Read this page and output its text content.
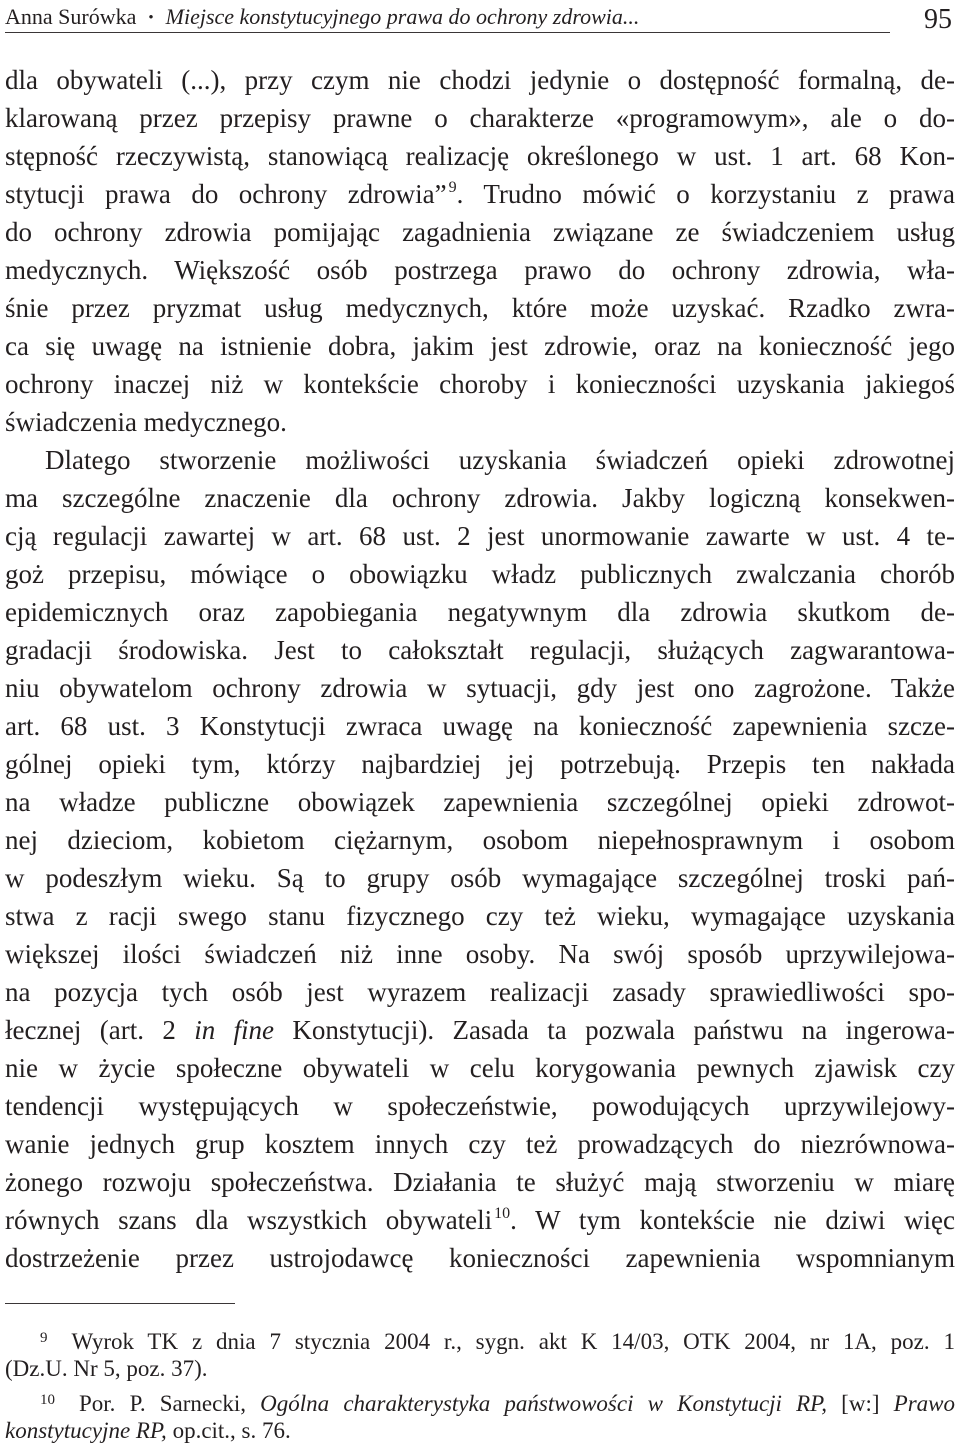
Anna Surówka • Miejsce konstytucyjnego prawa do ochrony zdrowia...	95
dla obywateli (...), przy czym nie chodzi jedynie o dostępność formalną, de-
klarowaną przez przepisy prawne o charakterze «programowym», ale o do-
stępność rzeczywistą, stanowiącą realizację określonego w ust. 1 art. 68 Kon-
stytucji prawa do ochrony zdrowia” $^9$. Trudno mówić o korzystaniu z prawa
do ochrony zdrowia pomijając zagadnienia związane ze świadczeniem usług
medycznych. Większość osób postrzega prawo do ochrony zdrowia, wła-
śnie przez pryzmat usług medycznych, które może uzyskać. Rzadko zwra-
ca się uwagę na istnienie dobra, jakim jest zdrowie, oraz na konieczność jego
ochrony inaczej niż w kontekście choroby i konieczności uzyskania jakiegoś
świadczenia medycznego.
Dlatego stworzenie możliwości uzyskania świadczeń opieki zdrowotnej
ma szczególne znaczenie dla ochrony zdrowia. Jakby logiczną konsekwen-
cją regulacji zawartej w art. 68 ust. 2 jest unormowanie zawarte w ust. 4 te-
goż przepisu, mówiące o obowiązku władz publicznych zwalczania chorób
epidemicznych oraz zapobiegania negatywnym dla zdrowia skutkom de-
gradacji środowiska. Jest to całokształt regulacji, służących zagwarantowa-
niu obywatelom ochrony zdrowia w sytuacji, gdy jest ono zagrożone. Także
art. 68 ust. 3 Konstytucji zwraca uwagę na konieczność zapewnienia szcze-
gólnej opieki tym, którzy najbardziej jej potrzebują. Przepis ten nakłada
na władze publiczne obowiązek zapewnienia szczególnej opieki zdrowot-
nej dzieciom, kobietom ciężarnym, osobom niepełnosprawnym i osobom
w podeszłym wieku. Są to grupy osób wymagające szczególnej troski pań-
stwa z racji swego stanu fizycznego czy też wieku, wymagające uzyskania
większej ilości świadczeń niż inne osoby. Na swój sposób uprzywilejowa-
na pozycja tych osób jest wyrazem realizacji zasady sprawiedliwości spo-
łecznej (art. 2 in fine Konstytucji). Zasada ta pozwala państwu na ingerowa-
nie w życie społeczne obywateli w celu korygowania pewnych zjawisk czy
tendencji występujących w społeczeństwie, powodujących uprzywilejowy-
wanie jednych grup kosztem innych czy też prowadzących do niezrównowa-
żonego rozwoju społeczeństwa. Działania te służyć mają stworzeniu w miarę
równych szans dla wszystkich obywateli $^{10}$. W tym kontekście nie dziwi więc
dostrzeżenie przez ustrojodawcę konieczności zapewnienia wspomnianym
$^9$ Wyrok TK z dnia 7 stycznia 2004 r., sygn. akt K 14/03, OTK 2004, nr 1A, poz. 1
(Dz.U. Nr 5, poz. 37).
$^{10}$ Por. P. Sarnecki, Ogólna charakterystyka państwowości w Konstytucji RP, [w:] Prawo
konstytucyjne RP, op.cit., s. 76.
